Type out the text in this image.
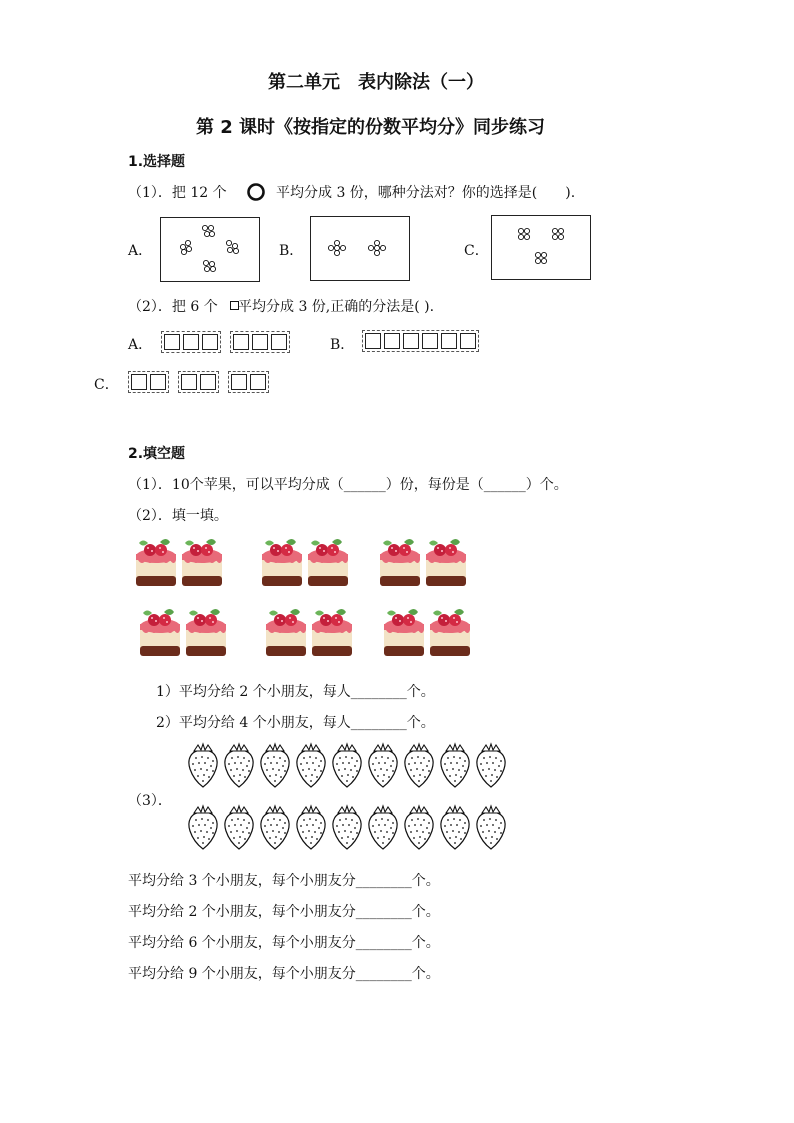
第二单元　表内除法（一）
第 2 课时《按指定的份数平均分》同步练习
1.选择题
（1）．把 12 个	平均分成 3 份，哪种分法对？你的选择是(　　).
A．	B．	C．
（2）．把 6 个 平均分成 3 份,正确的分法是( ).
A．	B．
C．
2.填空题
（1）．10个苹果，可以平均分成（______）份，每份是（______）个。
（2）．填一填。
1）平均分给 2 个小朋友，每人________个。
2）平均分给 4 个小朋友，每人________个。
（3）．
平均分给 3 个小朋友，每个小朋友分________个。
平均分给 2 个小朋友，每个小朋友分________个。
平均分给 6 个小朋友，每个小朋友分________个。
平均分给 9 个小朋友，每个小朋友分________个。
